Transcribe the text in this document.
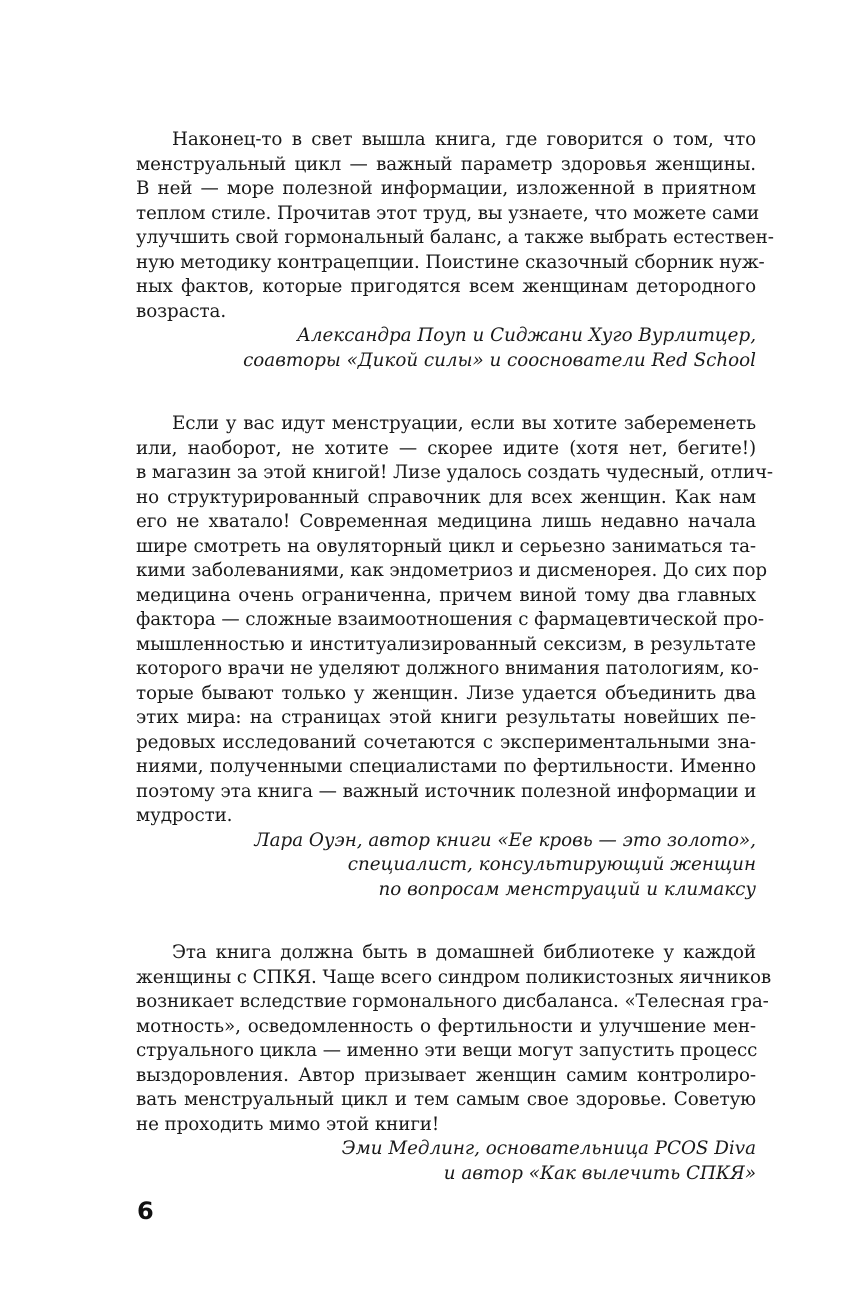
Наконец-то в свет вышла книга, где говорится о том, что
менструальный цикл — важный параметр здоровья женщины.
В ней — море полезной информации, изложенной в приятном
теплом стиле. Прочитав этот труд, вы узнаете, что можете сами
улучшить свой гормональный баланс, а также выбрать естествен-
ную методику контрацепции. Поистине сказочный сборник нуж-
ных фактов, которые пригодятся всем женщинам детородного
возраста.
Александра Поуп и Сиджани Хуго Вурлитцер,
соавторы «Дикой силы» и сооснователи Red School
Если у вас идут менструации, если вы хотите забеременеть
или, наоборот, не хотите — скорее идите (хотя нет, бегите!)
в магазин за этой книгой! Лизе удалось создать чудесный, отлич-
но структурированный справочник для всех женщин. Как нам
его не хватало! Современная медицина лишь недавно начала
шире смотреть на овуляторный цикл и серьезно заниматься та-
кими заболеваниями, как эндометриоз и дисменорея. До сих пор
медицина очень ограниченна, причем виной тому два главных
фактора — сложные взаимоотношения с фармацевтической про-
мышленностью и институализированный сексизм, в результате
которого врачи не уделяют должного внимания патологиям, ко-
торые бывают только у женщин. Лизе удается объединить два
этих мира: на страницах этой книги результаты новейших пе-
редовых исследований сочетаются с экспериментальными зна-
ниями, полученными специалистами по фертильности. Именно
поэтому эта книга — важный источник полезной информации и
мудрости.
Лара Оуэн, автор книги «Ее кровь — это золото»,
специалист, консультирующий женщин
по вопросам менструаций и климаксу
Эта книга должна быть в домашней библиотеке у каждой
женщины с СПКЯ. Чаще всего синдром поликистозных яичников
возникает вследствие гормонального дисбаланса. «Телесная гра-
мотность», осведомленность о фертильности и улучшение мен-
струального цикла — именно эти вещи могут запустить процесс
выздоровления. Автор призывает женщин самим контролиро-
вать менструальный цикл и тем самым свое здоровье. Советую
не проходить мимо этой книги!
Эми Медлинг, основательница PCOS Diva
и автор «Как вылечить СПКЯ»
6
